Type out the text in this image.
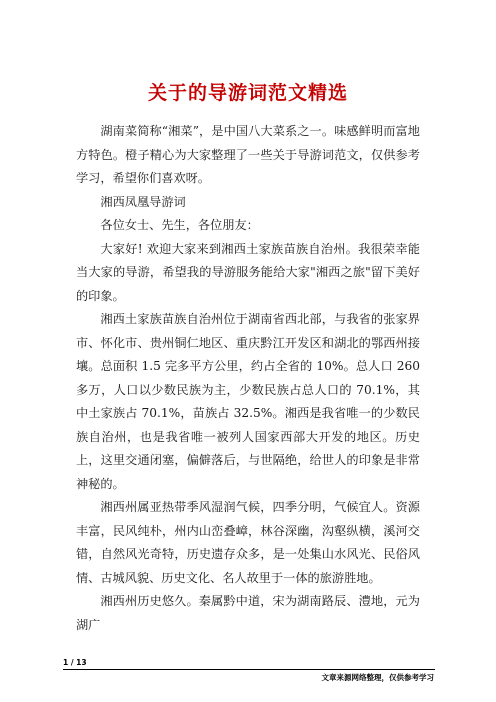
关于的导游词范文精选

湖南菜简称“湘菜”，是中国八大菜系之一。味感鲜明而富地方特色。橙子精心为大家整理了一些关于导游词范文，仅供参考学习，希望你们喜欢呀。

湘西凤凰导游词

各位女士、先生，各位朋友：

大家好! 欢迎大家来到湘西土家族苗族自治州。我很荣幸能当大家的导游，希望我的导游服务能给大家"湘西之旅"留下美好的印象。

湘西土家族苗族自治州位于湖南省西北部，与我省的张家界市、怀化市、贵州铜仁地区、重庆黔江开发区和湖北的鄂西州接壤。总面积 1.5 完多平方公里，约占全省的 10%。总人口 260 多万，人口以少数民族为主，少数民族占总人口的 70.1%，其中土家族占 70.1%，苗族占 32.5%。湘西是我省唯一的少数民族自治州，也是我省唯一被列人国家西部大开发的地区。历史上，这里交通闭塞，偏僻落后，与世隔绝，给世人的印象是非常神秘的。

湘西州属亚热带季风湿润气候，四季分明，气候宜人。资源丰富，民风纯朴，州内山峦叠嶂，林谷深幽，沟壑纵横，溪河交错，自然风光奇特，历史遗存众多，是一处集山水风光、民俗风情、古城风貌、历史文化、名人故里于一体的旅游胜地。

湘西州历史悠久。秦属黔中道，宋为湖南路辰、澧地，元为湖广

1 / 13
文章来源网络整理，仅供参考学习
